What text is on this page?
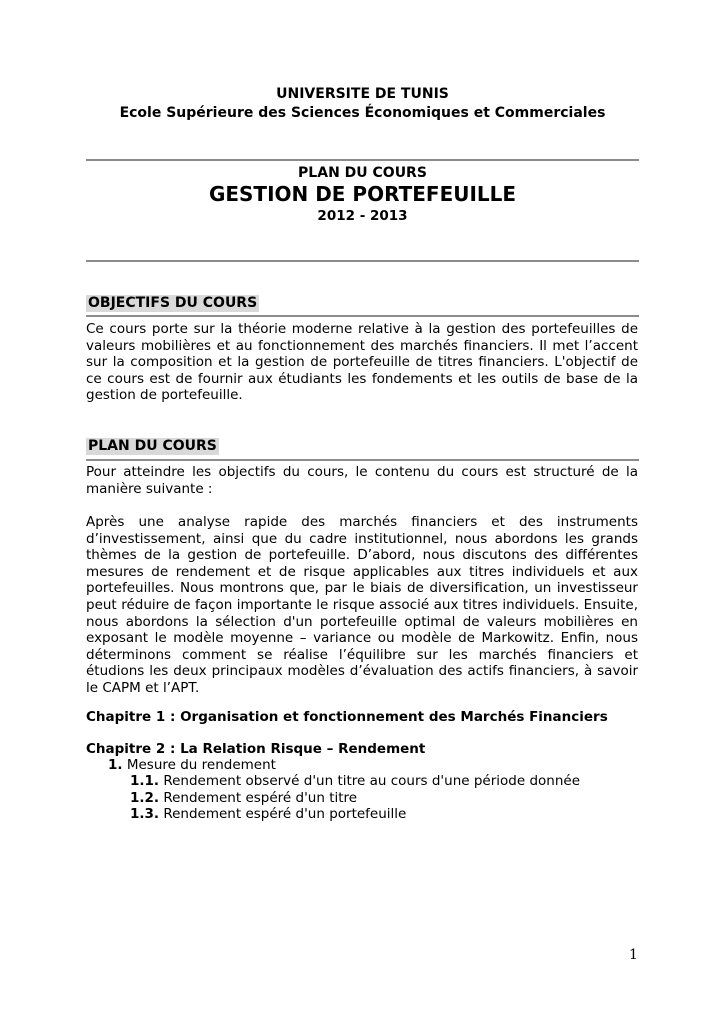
UNIVERSITE DE TUNIS
Ecole Supérieure des Sciences Économiques et Commerciales
PLAN DU COURS
GESTION DE PORTEFEUILLE
2012 - 2013
OBJECTIFS DU COURS

Ce cours porte sur la théorie moderne relative à la gestion des portefeuilles de valeurs mobilières et au fonctionnement des marchés financiers. Il met l’accent sur la composition et la gestion de portefeuille de titres financiers. L'objectif de ce cours est de fournir aux étudiants les fondements et les outils de base de la gestion de portefeuille.

PLAN DU COURS

Pour atteindre les objectifs du cours, le contenu du cours est structuré de la manière suivante :

Après une analyse rapide des marchés financiers et des instruments d’investissement, ainsi que du cadre institutionnel, nous abordons les grands thèmes de la gestion de portefeuille. D’abord, nous discutons des différentes mesures de rendement et de risque applicables aux titres individuels et aux portefeuilles. Nous montrons que, par le biais de diversification, un investisseur peut réduire de façon importante le risque associé aux titres individuels. Ensuite, nous abordons la sélection d'un portefeuille optimal de valeurs mobilières en exposant le modèle moyenne – variance ou modèle de Markowitz. Enfin, nous déterminons comment se réalise l’équilibre sur les marchés financiers et étudions les deux principaux modèles d’évaluation des actifs financiers, à savoir le CAPM et l’APT.

Chapitre 1 : Organisation et fonctionnement des Marchés Financiers
Chapitre 2 : La Relation Risque – Rendement
1. Mesure du rendement
1.1. Rendement observé d'un titre au cours d'une période donnée
1.2. Rendement espéré d'un titre
1.3. Rendement espéré d'un portefeuille
1
